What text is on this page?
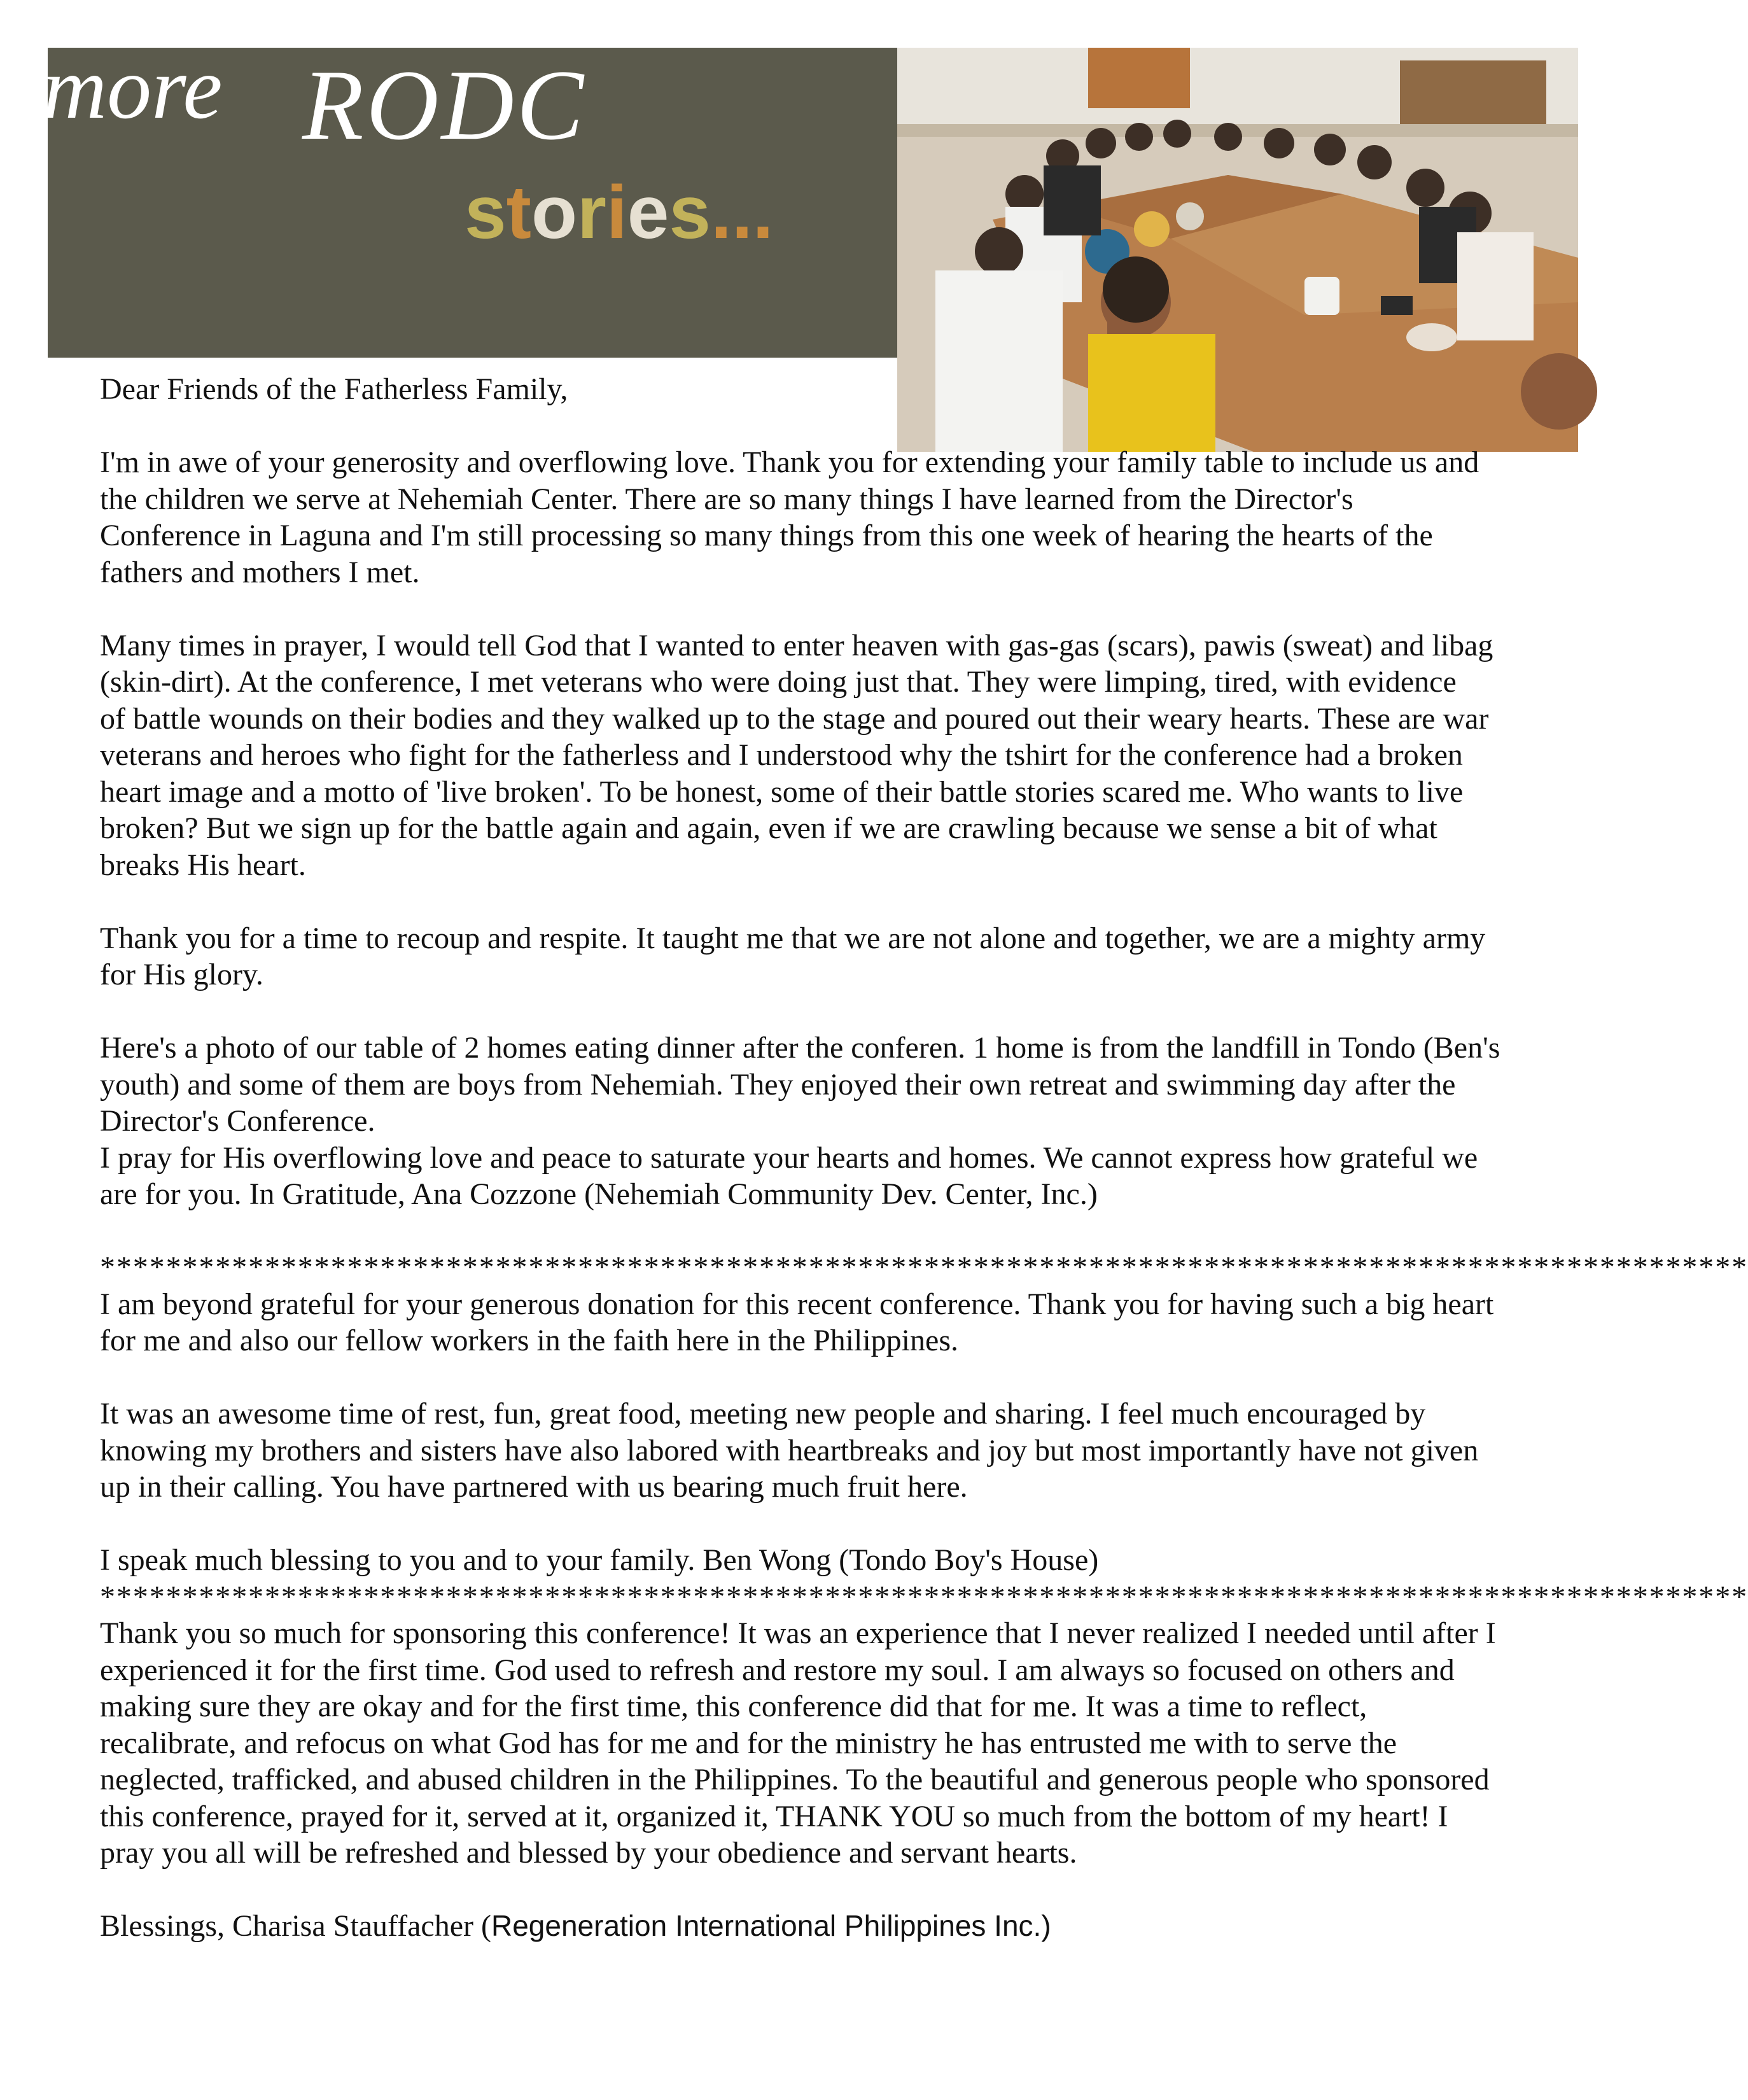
more RODC
stories...

Dear Friends of the Fatherless Family,

I'm in awe of your generosity and overflowing love. Thank you for extending your family table to include us and
the children we serve at Nehemiah Center. There are so many things I have learned from the Director's
Conference in Laguna and I'm still processing so many things from this one week of hearing the hearts of the
fathers and mothers I met.

Many times in prayer, I would tell God that I wanted to enter heaven with gas-gas (scars), pawis (sweat) and libag
(skin-dirt). At the conference, I met veterans who were doing just that. They were limping, tired, with evidence
of battle wounds on their bodies and they walked up to the stage and poured out their weary hearts. These are war
veterans and heroes who fight for the fatherless and I understood why the tshirt for the conference had a broken
heart image and a motto of 'live broken'. To be honest, some of their battle stories scared me. Who wants to live
broken? But we sign up for the battle again and again, even if we are crawling because we sense a bit of what
breaks His heart.

Thank you for a time to recoup and respite. It taught me that we are not alone and together, we are a mighty army
for His glory.

Here's a photo of our table of 2 homes eating dinner after the conferen. 1 home is from the landfill in Tondo (Ben's
youth) and some of them are boys from Nehemiah. They enjoyed their own retreat and swimming day after the
Director's Conference.
I pray for His overflowing love and peace to saturate your hearts and homes. We cannot express how grateful we
are for you. In Gratitude, Ana Cozzone (Nehemiah Community Dev. Center, Inc.)

****************************************************************************************************

I am beyond grateful for your generous donation for this recent conference. Thank you for having such a big heart
for me and also our fellow workers in the faith here in the Philippines.

It was an awesome time of rest, fun, great food, meeting new people and sharing. I feel much encouraged by
knowing my brothers and sisters have also labored with heartbreaks and joy but most importantly have not given
up in their calling. You have partnered with us bearing much fruit here.

I speak much blessing to you and to your family. Ben Wong (Tondo Boy's House)

****************************************************************************************************

Thank you so much for sponsoring this conference! It was an experience that I never realized I needed until after I
experienced it for the first time. God used to refresh and restore my soul. I am always so focused on others and
making sure they are okay and for the first time, this conference did that for me. It was a time to reflect,
recalibrate, and refocus on what God has for me and for the ministry he has entrusted me with to serve the
neglected, trafficked, and abused children in the Philippines. To the beautiful and generous people who sponsored
this conference, prayed for it, served at it, organized it, THANK YOU so much from the bottom of my heart! I
pray you all will be refreshed and blessed by your obedience and servant hearts.

Blessings, Charisa Stauffacher (Regeneration International Philippines Inc.)
